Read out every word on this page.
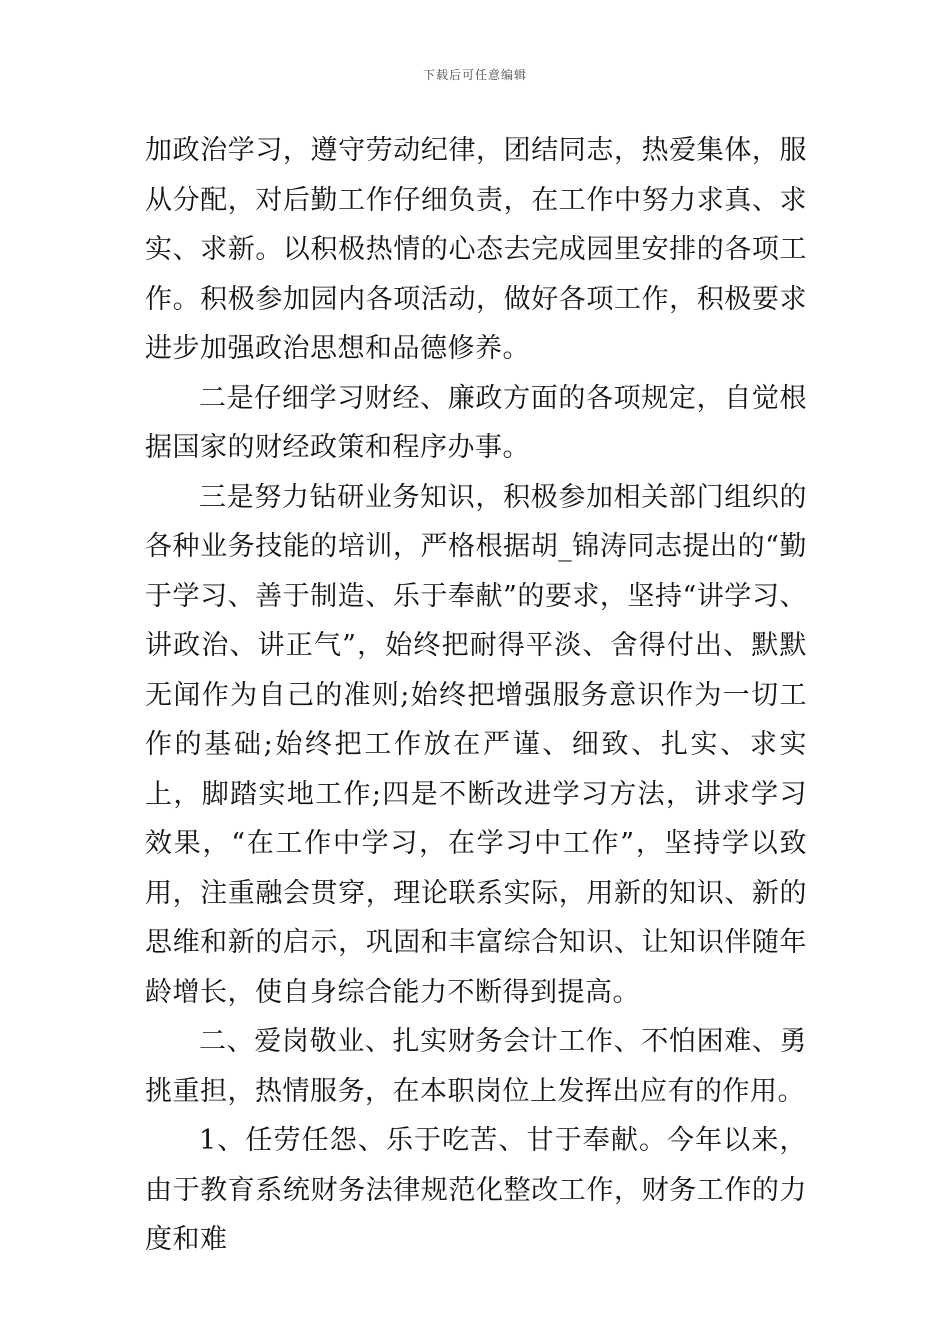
下载后可任意编辑

加政治学习，遵守劳动纪律，团结同志，热爱集体，服从分配，对后勤工作仔细负责，在工作中努力求真、求实、求新。以积极热情的心态去完成园里安排的各项工作。积极参加园内各项活动，做好各项工作，积极要求进步加强政治思想和品德修养。

二是仔细学习财经、廉政方面的各项规定，自觉根据国家的财经政策和程序办事。

三是努力钻研业务知识，积极参加相关部门组织的各种业务技能的培训，严格根据胡_锦涛同志提出的“勤于学习、善于制造、乐于奉献”的要求，坚持“讲学习、讲政治、讲正气”，始终把耐得平淡、舍得付出、默默无闻作为自己的准则;始终把增强服务意识作为一切工作的基础;始终把工作放在严谨、细致、扎实、求实上，脚踏实地工作;四是不断改进学习方法，讲求学习效果，“在工作中学习，在学习中工作”，坚持学以致用，注重融会贯穿，理论联系实际，用新的知识、新的思维和新的启示，巩固和丰富综合知识、让知识伴随年龄增长，使自身综合能力不断得到提高。

二、爱岗敬业、扎实财务会计工作、不怕困难、勇挑重担，热情服务，在本职岗位上发挥出应有的作用。

1、任劳任怨、乐于吃苦、甘于奉献。今年以来，由于教育系统财务法律规范化整改工作，财务工作的力度和难
